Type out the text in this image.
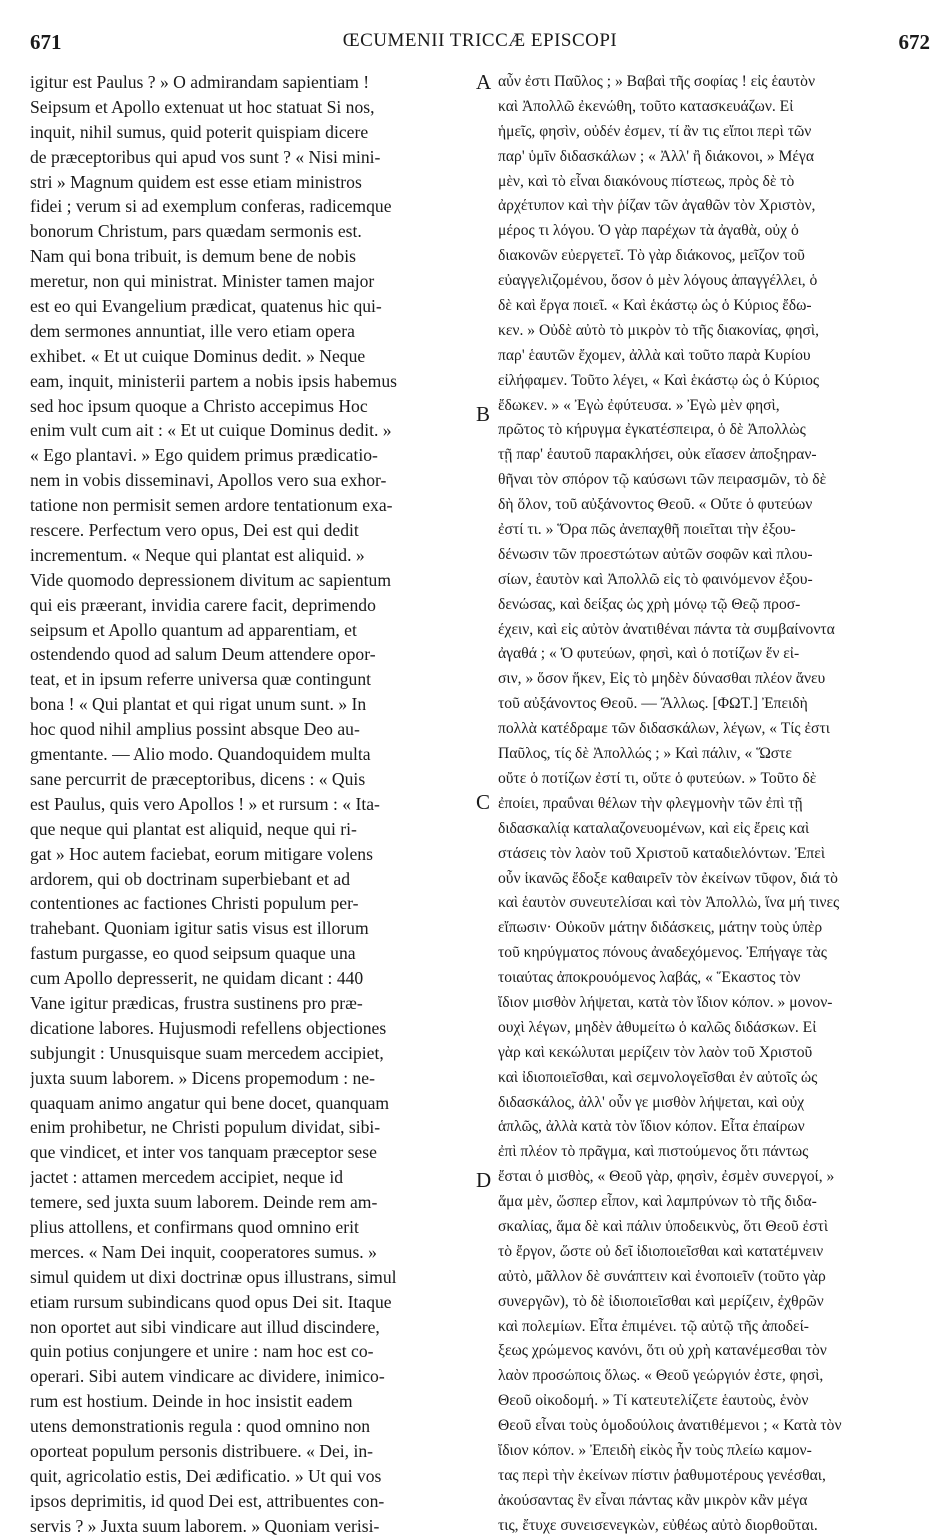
671	ŒCUMENII TRICCÆ EPISCOPI	672
igitur est Paulus ? » O admirandam sapientiam !
Seipsum et Apollo extenuat ut hoc statuat Si nos,
inquit, nihil sumus, quid poterit quispiam dicere
de præceptoribus qui apud vos sunt ? « Nisi mini-
stri » Magnum quidem est esse etiam ministros
fidei ; verum si ad exemplum conferas, radicemque
bonorum Christum, pars quædam sermonis est.
Nam qui bona tribuit, is demum bene de nobis
meretur, non qui ministrat. Minister tamen major
est eo qui Evangelium prædicat, quatenus hic qui-
dem sermones annuntiat, ille vero etiam opera
exhibet. « Et ut cuique Dominus dedit. » Neque
eam, inquit, ministerii partem a nobis ipsis habemus
sed hoc ipsum quoque a Christo accepimus Hoc
enim vult cum ait : « Et ut cuique Dominus dedit. »
« Ego plantavi. » Ego quidem primus prædicatio-
nem in vobis disseminavi, Apollos vero sua exhor-
tatione non permisit semen ardore tentationum exa-
rescere. Perfectum vero opus, Dei est qui dedit
incrementum. « Neque qui plantat est aliquid. »
Vide quomodo depressionem divitum ac sapientum
qui eis præerant, invidia carere facit, deprimendo
seipsum et Apollo quantum ad apparentiam, et
ostendendo quod ad salum Deum attendere opor-
teat, et in ipsum referre universa quæ contingunt
bona ! « Qui plantat et qui rigat unum sunt. » In
hoc quod nihil amplius possint absque Deo au-
gmentante. — Alio modo. Quandoquidem multa
sane percurrit de præceptoribus, dicens : « Quis
est Paulus, quis vero Apollos ! » et rursum : « Ita-
que neque qui plantat est aliquid, neque qui ri-
gat » Hoc autem faciebat, eorum mitigare volens
ardorem, qui ob doctrinam superbiebant et ad
contentiones ac factiones Christi populum per-
trahebant. Quoniam igitur satis visus est illorum
fastum purgasse, eo quod seipsum quaque una
cum Apollo depresserit, ne quidam dicant : 440
Vane igitur prædicas, frustra sustinens pro præ-
dicatione labores. Hujusmodi refellens objectiones
subjungit : Unusquisque suam mercedem accipiet,
juxta suum laborem. » Dicens propemodum : ne-
quaquam animo angatur qui bene docet, quanquam
enim prohibetur, ne Christi populum dividat, sibi-
que vindicet, et inter vos tanquam præceptor sese
jactet : attamen mercedem accipiet, neque id
temere, sed juxta suum laborem. Deinde rem am-
plius attollens, et confirmans quod omnino erit
merces. « Nam Dei inquit, cooperatores sumus. »
simul quidem ut dixi doctrinæ opus illustrans, simul
etiam rursum subindicans quod opus Dei sit. Itaque
non oportet aut sibi vindicare aut illud discindere,
quin potius conjungere et unire : nam hoc est co-
operari. Sibi autem vindicare ac dividere, inimico-
rum est hostium. Deinde in hoc insistit eadem
utens demonstrationis regula : quod omnino non
oporteat populum personis distribuere. « Dei, in-
quit, agricolatio estis, Dei ædificatio. » Ut qui vos
ipsos deprimitis, id quod Dei est, attribuentes con-
servis ? » Juxta suum laborem. » Quoniam verisi-
A
B
C
D
αὖν ἐστι Παῦλος ; » Βαβαὶ τῆς σοφίας ! εἰς ἑαυτὸν
καὶ Ἀπολλῶ ἐκενώθη, τοῦτο κατασκευάζων. Εἰ
ἡμεῖς, φησὶν, οὐδέν ἐσμεν, τί ἂν τις εἴποι περὶ τῶν
παρ' ὑμῖν διδασκάλων ; « Ἀλλ' ἢ διάκονοι, » Μέγα
μὲν, καὶ τὸ εἶναι διακόνους πίστεως, πρὸς δὲ τὸ
ἀρχέτυπον καὶ τὴν ῥίζαν τῶν ἀγαθῶν τὸν Χριστὸν,
μέρος τι λόγου. Ὁ γὰρ παρέχων τὰ ἀγαθὰ, οὐχ ὁ
διακονῶν εὐεργετεῖ. Τὸ γὰρ διάκονος, μεῖζον τοῦ
εὐαγγελιζομένου, ὅσον ὁ μὲν λόγους ἀπαγγέλλει, ὁ
δὲ καὶ ἔργα ποιεῖ. « Καὶ ἑκάστῳ ὡς ὁ Κύριος ἔδω-
κεν. » Οὐδὲ αὐτὸ τὸ μικρὸν τὸ τῆς διακονίας, φησὶ,
παρ' ἑαυτῶν ἔχομεν, ἀλλὰ καὶ τοῦτο παρὰ Κυρίου
εἰλήφαμεν. Τοῦτο λέγει, « Καὶ ἑκάστῳ ὡς ὁ Κύριος
ἔδωκεν. » « Ἐγὼ ἐφύτευσα. » Ἐγὼ μὲν φησὶ,
πρῶτος τὸ κήρυγμα ἐγκατέσπειρα, ὁ δὲ Ἀπολλὼς
τῇ παρ' ἑαυτοῦ παρακλήσει, οὐκ εἴασεν ἀποξηραν-
θῆναι τὸν σπόρον τῷ καύσωνι τῶν πειρασμῶν, τὸ δὲ
δὴ ὅλον, τοῦ αὐξάνοντος Θεοῦ. « Οὔτε ὁ φυτεύων
ἐστί τι. » Ὅρα πῶς ἀνεπαχθῆ ποιεῖται τὴν ἐξου-
δένωσιν τῶν προεστώτων αὐτῶν σοφῶν καὶ πλου-
σίων, ἑαυτὸν καὶ Ἀπολλῶ εἰς τὸ φαινόμενον ἐξου-
δενώσας, καὶ δείξας ὡς χρὴ μόνῳ τῷ Θεῷ προσ-
έχειν, καὶ εἰς αὐτὸν ἀνατιθέναι πάντα τὰ συμβαίνοντα
ἀγαθά ; « Ὁ φυτεύων, φησὶ, καὶ ὁ ποτίζων ἕν εἰ-
σιν, » ὅσον ἥκεν, Εἰς τὸ μηδὲν δύνασθαι πλέον ἄνευ
τοῦ αὐξάνοντος Θεοῦ. — Ἄλλως. [ΦΩΤ.] Ἐπειδὴ
πολλὰ κατέδραμε τῶν διδασκάλων, λέγων, « Τίς ἐστι
Παῦλος, τίς δὲ Ἀπολλώς ; » Καὶ πάλιν, « Ὥστε
οὔτε ὁ ποτίζων ἐστί τι, οὔτε ὁ φυτεύων. » Τοῦτο δὲ
ἐποίει, πραΰναι θέλων τὴν φλεγμονὴν τῶν ἐπὶ τῇ
διδασκαλίᾳ καταλαζονευομένων, καὶ εἰς ἔρεις καὶ
στάσεις τὸν λαὸν τοῦ Χριστοῦ καταδιελόντων. Ἐπεὶ
οὖν ἱκανῶς ἔδοξε καθαιρεῖν τὸν ἐκείνων τῦφον, διά τὸ
καὶ ἑαυτὸν συνευτελίσαι καὶ τὸν Ἀπολλὼ, ἵνα μή τινες
εἴπωσιν· Οὐκοῦν μάτην διδάσκεις, μάτην τοὺς ὑπὲρ
τοῦ κηρύγματος πόνους ἀναδεχόμενος. Ἐπήγαγε τὰς
τοιαύτας ἀποκρουόμενος λαβάς, « Ἕκαστος τὸν
ἴδιον μισθὸν λήψεται, κατὰ τὸν ἴδιον κόπον. » μονον-
ουχὶ λέγων, μηδὲν ἀθυμείτω ὁ καλῶς διδάσκων. Εἰ
γὰρ καὶ κεκώλυται μερίζειν τὸν λαὸν τοῦ Χριστοῦ
καὶ ἰδιοποιεῖσθαι, καὶ σεμνολογεῖσθαι ἐν αὐτοῖς ὡς
διδασκάλος, ἀλλ' οὖν γε μισθὸν λήψεται, καὶ οὐχ
ἁπλῶς, ἀλλὰ κατὰ τὸν ἴδιον κόπον. Εἶτα ἐπαίρων
ἐπὶ πλέον τὸ πρᾶγμα, καὶ πιστούμενος ὅτι πάντως
ἔσται ὁ μισθὸς, « Θεοῦ γὰρ, φησὶν, ἐσμὲν συνεργοί, »
ἅμα μὲν, ὥσπερ εἶπον, καὶ λαμπρύνων τὸ τῆς διδα-
σκαλίας, ἅμα δὲ καὶ πάλιν ὑποδεικνὺς, ὅτι Θεοῦ ἐστὶ
τὸ ἔργον, ὥστε οὐ δεῖ ἰδιοποιεῖσθαι καὶ κατατέμνειν
αὐτὸ, μᾶλλον δὲ συνάπτειν καὶ ἑνοποιεῖν (τοῦτο γὰρ
συνεργῶν), τὸ δὲ ἰδιοποιεῖσθαι καὶ μερίζειν, ἐχθρῶν
καὶ πολεμίων. Εἶτα ἐπιμένει. τῷ αὐτῷ τῆς ἀποδεί-
ξεως χρώμενος κανόνι, ὅτι οὐ χρὴ κατανέμεσθαι τὸν
λαὸν προσώποις ὅλως. « Θεοῦ γεώργιόν ἐστε, φησὶ,
Θεοῦ οἰκοδομή. » Τί κατευτελίζετε ἑαυτοὺς, ἑνὸν
Θεοῦ εἶναι τοὺς ὁμοδούλοις ἀνατιθέμενοι ; « Κατὰ τὸν
ἴδιον κόπον. » Ἐπειδὴ εἰκὸς ἦν τοὺς πλείω καμον-
τας περὶ τὴν ἐκείνων πίστιν ῥαθυμοτέρους γενέσθαι,
ἀκούσαντας ἓν εἶναι πάντας κἂν μικρὸν κἂν μέγα
τις, ἔτυχε συνεισενεγκὼν, εὐθέως αὐτὸ διορθοῦται.
